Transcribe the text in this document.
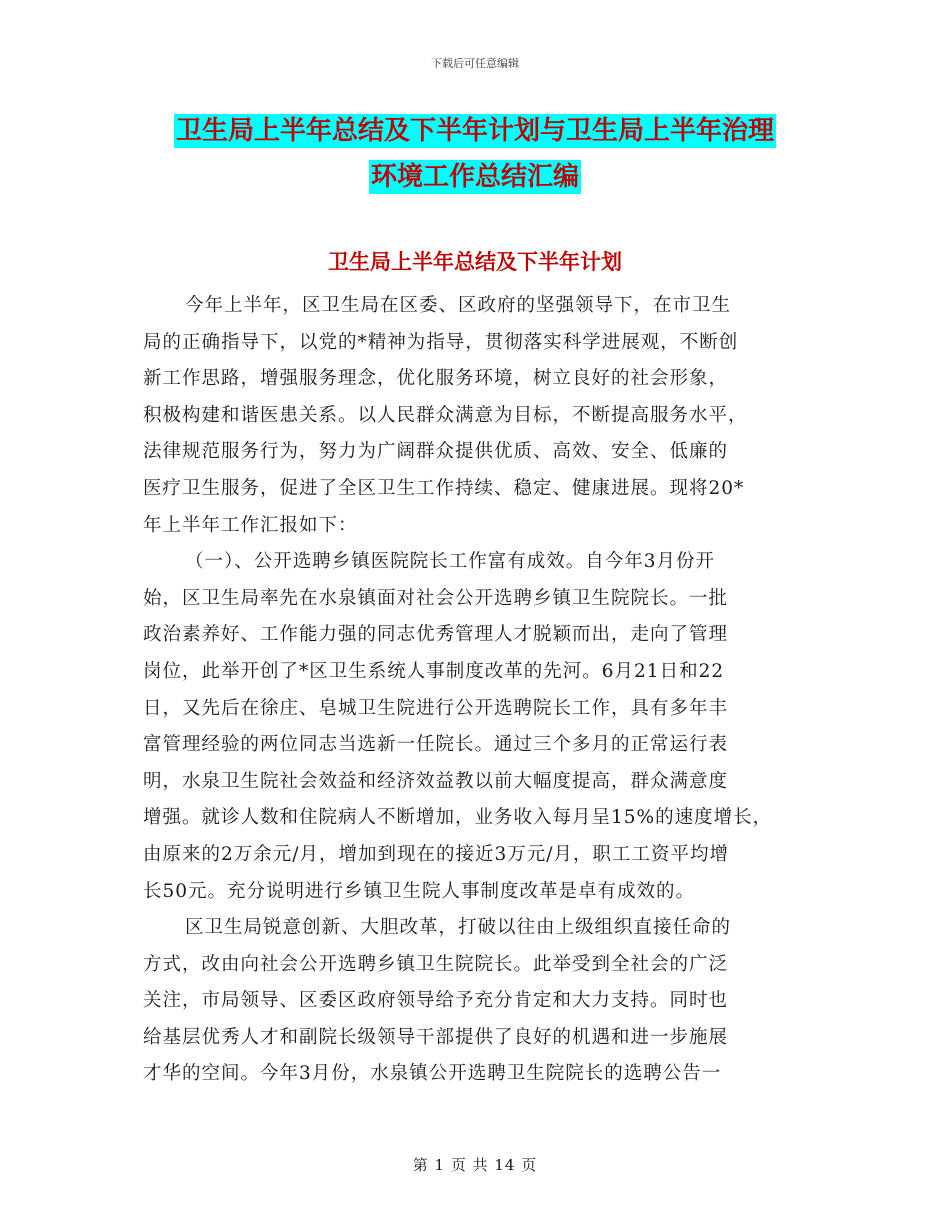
下载后可任意编辑
卫生局上半年总结及下半年计划与卫生局上半年治理
环境工作总结汇编
卫生局上半年总结及下半年计划
今年上半年，区卫生局在区委、区政府的坚强领导下，在市卫生
局的正确指导下，以党的*精神为指导，贯彻落实科学进展观，不断创
新工作思路，增强服务理念，优化服务环境，树立良好的社会形象，
积极构建和谐医患关系。以人民群众满意为目标，不断提高服务水平，
法律规范服务行为，努力为广阔群众提供优质、高效、安全、低廉的
医疗卫生服务，促进了全区卫生工作持续、稳定、健康进展。现将20*
年上半年工作汇报如下：
（一）、公开选聘乡镇医院院长工作富有成效。自今年3月份开
始，区卫生局率先在水泉镇面对社会公开选聘乡镇卫生院院长。一批
政治素养好、工作能力强的同志优秀管理人才脱颖而出，走向了管理
岗位，此举开创了*区卫生系统人事制度改革的先河。6月21日和22
日，又先后在徐庄、皂城卫生院进行公开选聘院长工作，具有多年丰
富管理经验的两位同志当选新一任院长。通过三个多月的正常运行表
明，水泉卫生院社会效益和经济效益教以前大幅度提高，群众满意度
增强。就诊人数和住院病人不断增加，业务收入每月呈15%的速度增长，
由原来的2万余元/月，增加到现在的接近3万元/月，职工工资平均增
长50元。充分说明进行乡镇卫生院人事制度改革是卓有成效的。
区卫生局锐意创新、大胆改革，打破以往由上级组织直接任命的
方式，改由向社会公开选聘乡镇卫生院院长。此举受到全社会的广泛
关注，市局领导、区委区政府领导给予充分肯定和大力支持。同时也
给基层优秀人才和副院长级领导干部提供了良好的机遇和进一步施展
才华的空间。今年3月份，水泉镇公开选聘卫生院院长的选聘公告一
第 1 页 共 14 页
